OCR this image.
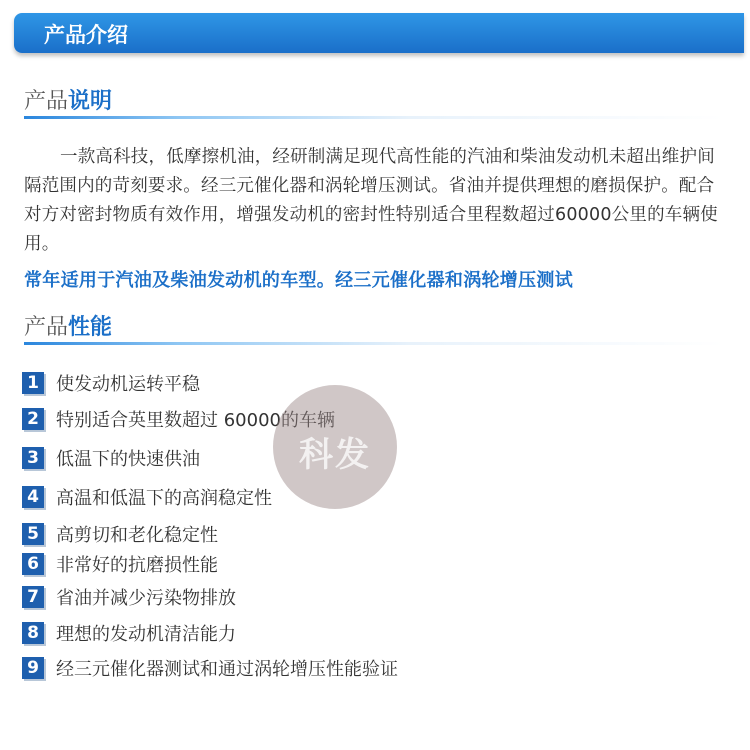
产品介绍
产品说明
一款高科技，低摩擦机油，经研制满足现代高性能的汽油和柴油发动机未超出维护间隔范围内的苛刻要求。经三元催化器和涡轮增压测试。省油并提供理想的磨损保护。配合对方对密封物质有效作用，增强发动机的密封性特别适合里程数超过60000公里的车辆使用。
常年适用于汽油及柴油发动机的车型。经三元催化器和涡轮增压测试
产品性能
1 使发动机运转平稳
2 特别适合英里数超过 60000的车辆
3 低温下的快速供油
4 高温和低温下的高润稳定性
5 高剪切和老化稳定性
6 非常好的抗磨损性能
7 省油并减少污染物排放
8 理想的发动机清洁能力
9 经三元催化器测试和通过涡轮增压性能验证
科发
